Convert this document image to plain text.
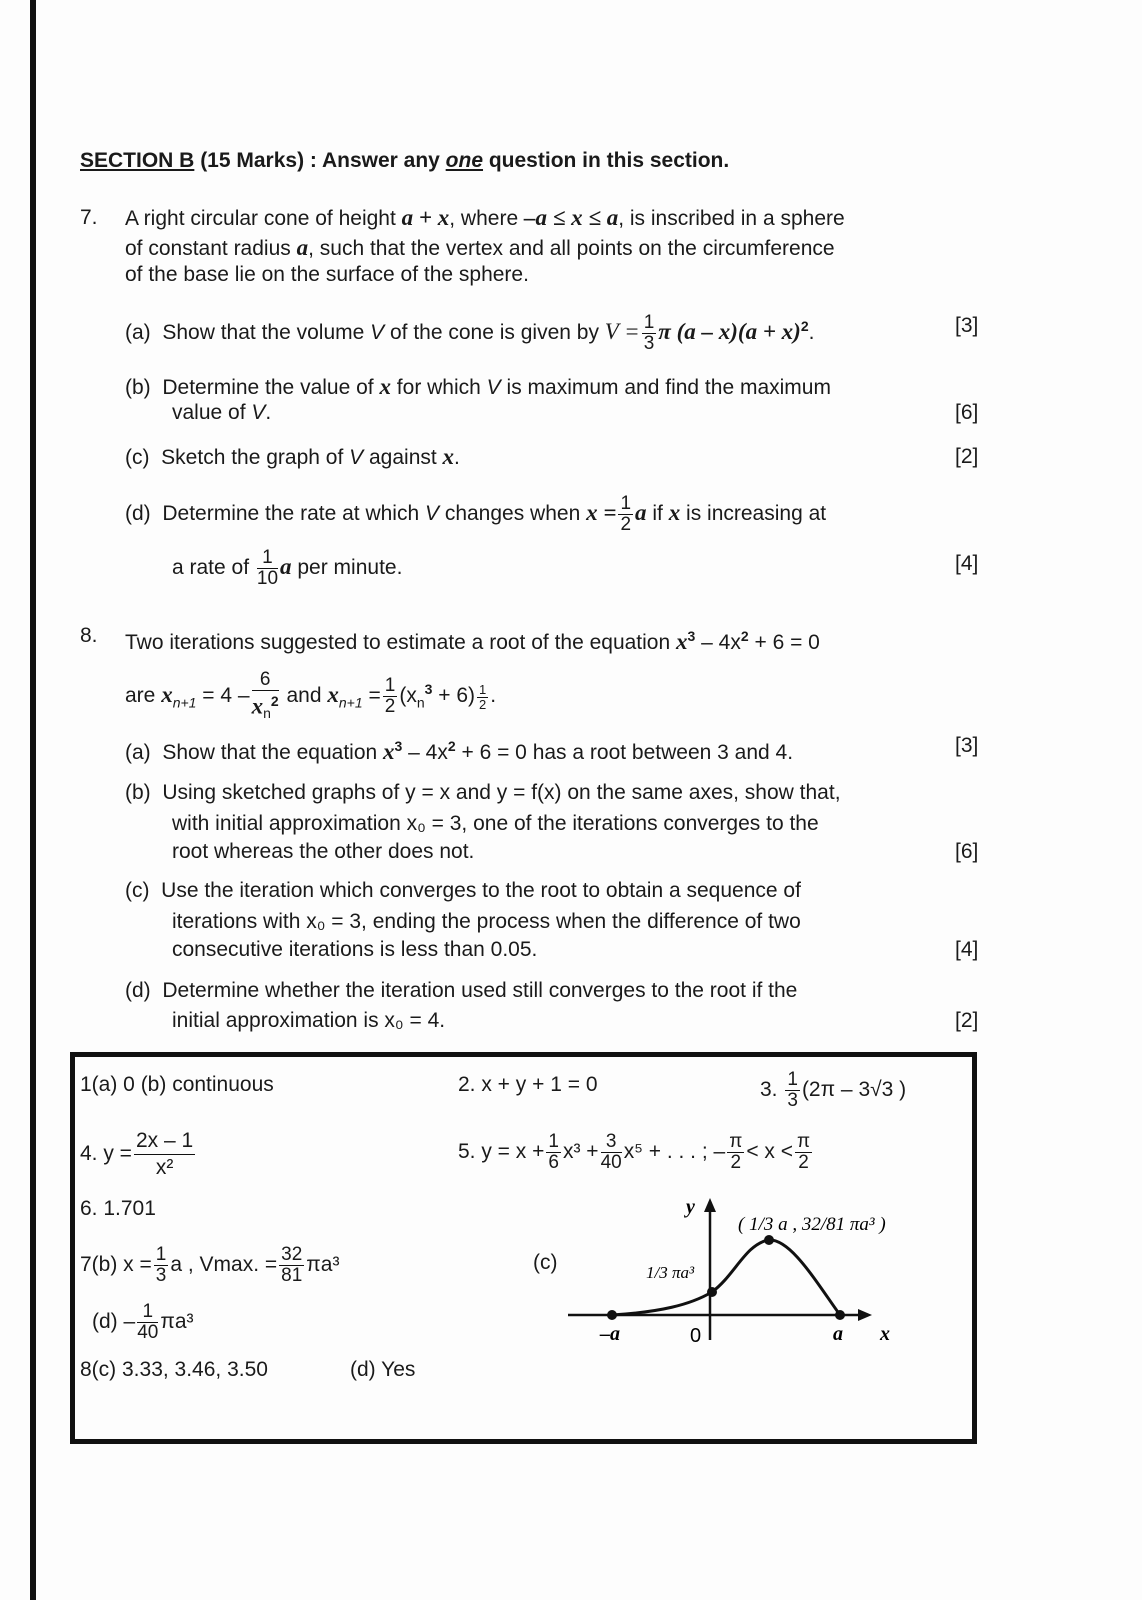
SECTION B (15 Marks) : Answer any one question in this section.
7. A right circular cone of height a + x, where –a ≤ x ≤ a, is inscribed in a sphere
of constant radius a, such that the vertex and all points on the circumference
of the base lie on the surface of the sphere.
(a) Show that the volume V of the cone is given by $V = \frac{1}{3}$ π $(a - x)(a + x)^2$.	[3]
(b) Determine the value of x for which V is maximum and find the maximum
value of V.	[6]
(c) Sketch the graph of V against x.	[2]
(d) Determine the rate at which V changes when $x = \frac{1}{2}$ a if x is increasing at
a rate of $\frac{1}{10}$ a per minute.	[4]
8. Two iterations suggested to estimate a root of the equation $x^3 - 4x^2 + 6 = 0$
are $x_{n+1} = 4 - \frac{6}{x_n^2}$ and $x_{n+1} = \frac{1}{2} (x_n^3 + 6) \frac{1}{2}$ .
(a) Show that the equation $x^3 - 4x^2 + 6 = 0$ has a root between 3 and 4.	[3]
(b) Using sketched graphs of y = x and y = f(x) on the same axes, show that,
with initial approximation x₀ = 3, one of the iterations converges to the
root whereas the other does not.	[6]
(c) Use the iteration which converges to the root to obtain a sequence of
iterations with x₀ = 3, ending the process when the difference of two
consecutive iterations is less than 0.05.	[4]
(d) Determine whether the iteration used still converges to the root if the
initial approximation is x₀ = 4.	[2]
1(a) 0 (b) continuous	2. x + y + 1 = 0	3. $\frac{1}{3} (2\pi - 3√3$ )
4. $y = \frac{2x - 1}{\text{x²}}$	5. $y = x + \frac{1}{6} x^3 + \frac{3}{40} x^5$ + . . . ; – $\frac{\pi}{2} < x < \frac{\pi}{2}$
6. 1.701
7(b) $x = \frac{1}{3}$ a , Vmax. = $\frac{32}{81} \pi a^3$
$(d) - \frac{1}{40} \pi a^3$
8(c) 3.33, 3.46, 3.50	(d) Yes
(c)
y
x
–a	0	a
( 1/3 a , 32/81 πa³ )
1/3 πa³
